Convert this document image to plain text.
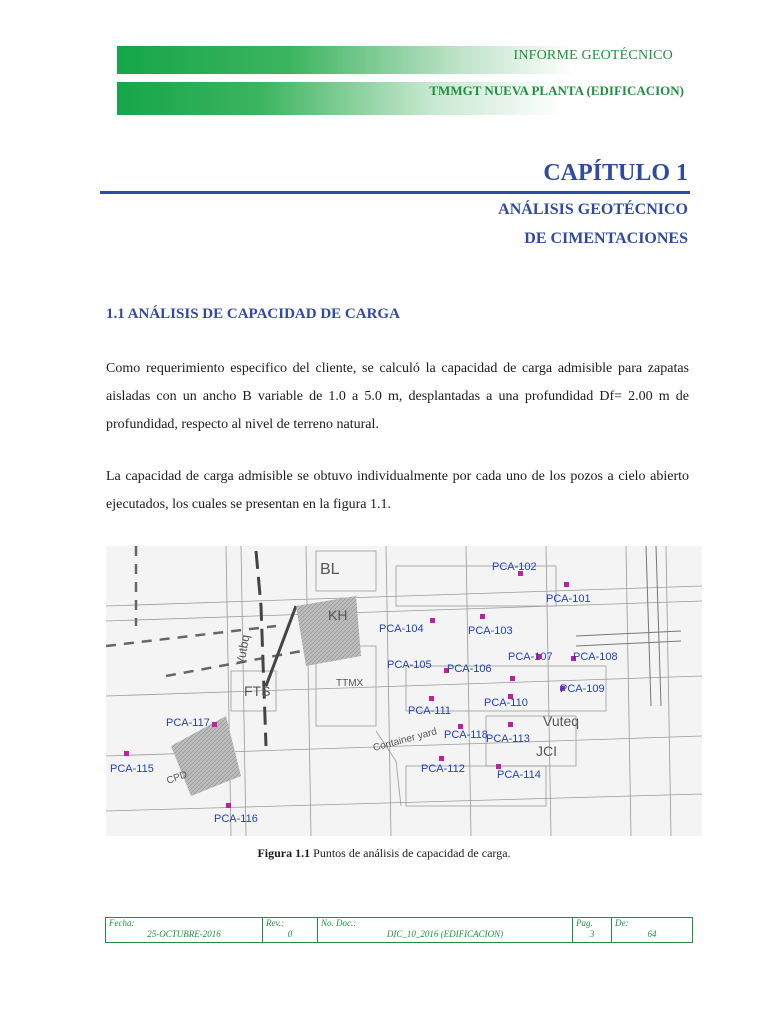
INFORME GEOTÉCNICO
TMMGT NUEVA PLANTA (EDIFICACION)
CAPÍTULO 1
ANÁLISIS GEOTÉCNICO
DE CIMENTACIONES
1.1 ANÁLISIS DE CAPACIDAD DE CARGA
Como requerimiento especifico del cliente, se calculó la capacidad de carga admisible para zapatas aisladas con un ancho B variable de 1.0 a 5.0 m, desplantadas a una profundidad Df= 2.00 m de profundidad, respecto al nivel de terreno natural.
La capacidad de carga admisible se obtuvo individualmente por cada uno de los pozos a cielo abierto ejecutados, los cuales se presentan en la figura 1.1.
BL
KH
Vutbq
FTS	TTMX
CPD
Container yard
Vuteq
JCI
PCA-101
PCA-102
PCA-103
PCA-104
PCA-105 PCA-106
PCA-107 PCA-108
PCA-109
PCA-110
PCA-111
PCA-112
PCA-113
PCA-114
PCA-115
PCA-116
PCA-117
PCA-118
Figura 1.1 Puntos de análisis de capacidad de carga.
Fecha:
25-OCTUBRE-2016

Rev.:
0

No. Doc.:
DIC_10_2016 (EDIFICACION)

Pag.
3

De:
64
